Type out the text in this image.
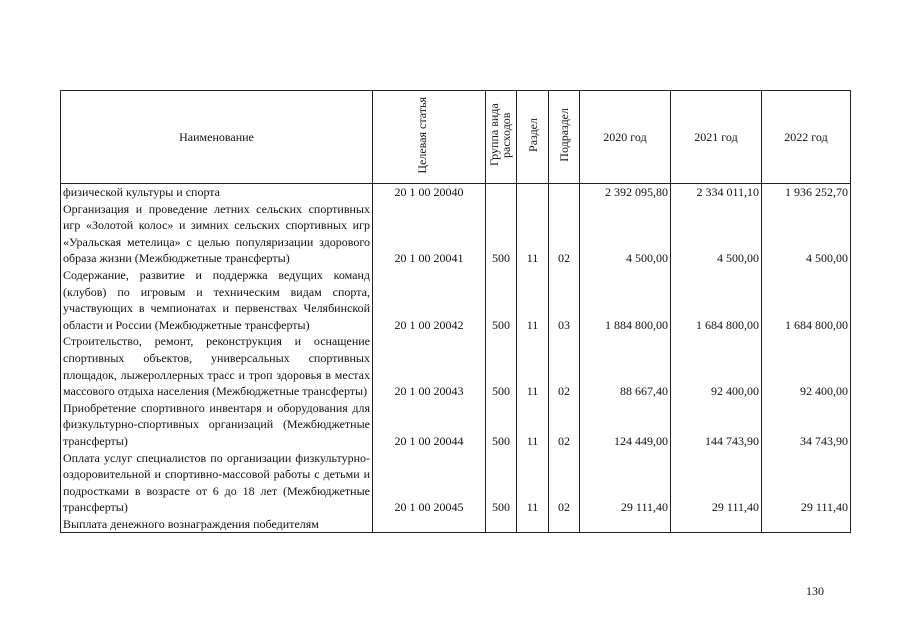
Наименование	Целевая статья	Группа вида расходов	Раздел	Подраздел	2020 год	2021 год	2022 год
физической культуры и спорта	20 1 00 20040				2 392 095,80	2 334 011,10	1 936 252,70
Организация и проведение летних сельских спортивных игр «Золотой колос» и зимних сельских спортивных игр «Уральская метелица» с целью популяризации здорового образа жизни (Межбюджетные трансферты)	20 1 00 20041	500	11	02	4 500,00	4 500,00	4 500,00
Содержание, развитие и поддержка ведущих команд (клубов) по игровым и техническим видам спорта, участвующих в чемпионатах и первенствах Челябинской области и России (Межбюджетные трансферты)	20 1 00 20042	500	11	03	1 884 800,00	1 684 800,00	1 684 800,00
Строительство, ремонт, реконструкция и оснащение спортивных объектов, универсальных спортивных площадок, лыжероллерных трасс и троп здоровья в местах массового отдыха населения (Межбюджетные трансферты)	20 1 00 20043	500	11	02	88 667,40	92 400,00	92 400,00
Приобретение спортивного инвентаря и оборудования для физкультурно-спортивных организаций (Межбюджетные трансферты)	20 1 00 20044	500	11	02	124 449,00	144 743,90	34 743,90
Оплата услуг специалистов по организации физкультурно-оздоровительной и спортивно-массовой работы с детьми и подростками в возрасте от 6 до 18 лет (Межбюджетные трансферты)	20 1 00 20045	500	11	02	29 111,40	29 111,40	29 111,40
Выплата денежного вознаграждения победителям							
130
